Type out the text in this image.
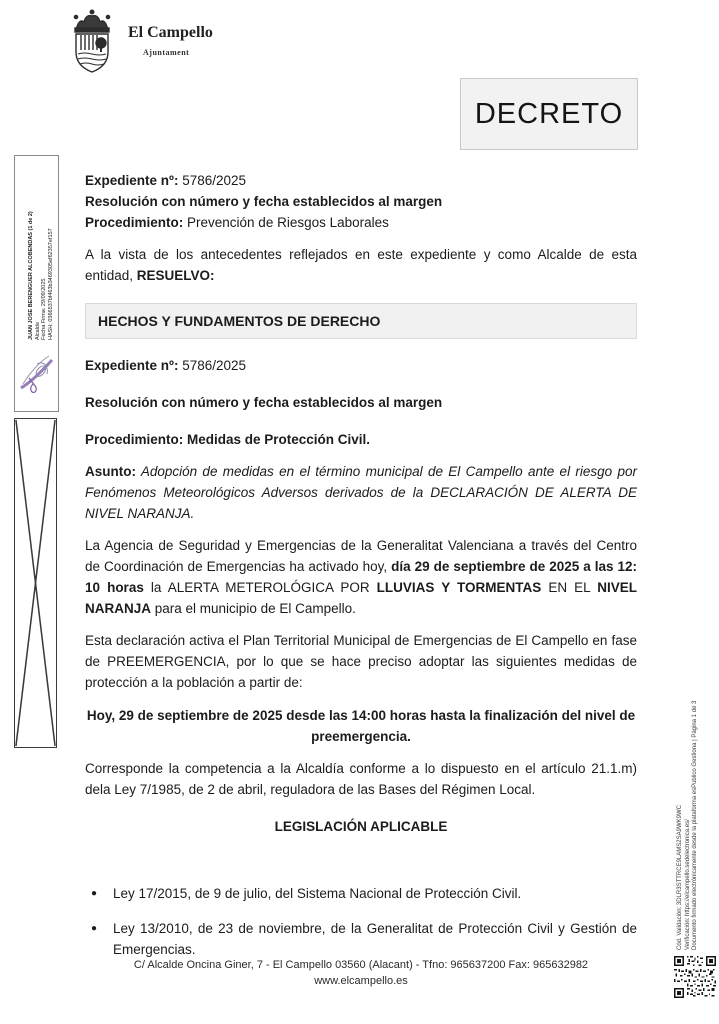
El Campello
Ajuntament
DECRETO
JUAN JOSE BERENGUER ALCOBENDAS (1 de 2) Alcalde Fecha Firma: 29/09/2025 HASH: 0366537bf463b3469305ef62357ef157

Expediente nº: 5786/2025

Resolución con número y fecha establecidos al margen

Procedimiento: Prevención de Riesgos Laborales

A la vista de los antecedentes reflejados en este expediente y como Alcalde de esta entidad, RESUELVO:

HECHOS Y FUNDAMENTOS DE DERECHO

Expediente nº: 5786/2025

Resolución con número y fecha establecidos al margen

Procedimiento: Medidas de Protección Civil.

Asunto: Adopción de medidas en el término municipal de El Campello ante el riesgo por Fenómenos Meteorológicos Adversos derivados de la DECLARACIÓN DE ALERTA DE NIVEL NARANJA.

La Agencia de Seguridad y Emergencias de la Generalitat Valenciana a través del Centro de Coordinación de Emergencias ha activado hoy, día 29 de septiembre de 2025 a las 12: 10 horas la ALERTA METEROLÓGICA POR LLUVIAS Y TORMENTAS EN EL NIVEL NARANJA para el municipio de El Campello.

Esta declaración activa el Plan Territorial Municipal de Emergencias de El Campello en fase de PREEMERGENCIA, por lo que se hace preciso adoptar las siguientes medidas de protección a la población a partir de:

Hoy, 29 de septiembre de 2025 desde las 14:00 horas hasta la finalización del nivel de preemergencia.

Corresponde la competencia a la Alcaldía conforme a lo dispuesto en el artículo 21.1.m) dela Ley 7/1985, de 2 de abril, reguladora de las Bases del Régimen Local.

LEGISLACIÓN APLICABLE

●	Ley 17/2015, de 9 de julio, del Sistema Nacional de Protección Civil.
●	Ley 13/2010, de 23 de noviembre, de la Generalitat de Protección Civil y Gestión de Emergencias.
C/ Alcalde Oncina Giner, 7 - El Campello 03560 (Alacant) - Tfno: 965637200 Fax: 965632982
www.elcampello.es
Cód. Validación: 3DLR3STTRCE9LAMS2SA9WK9WC Verificación: https://elcampello.sedelectronica.es/ Documento firmado electrónicamente desde la plataforma esPublico Gestiona | Página 1 de 3
